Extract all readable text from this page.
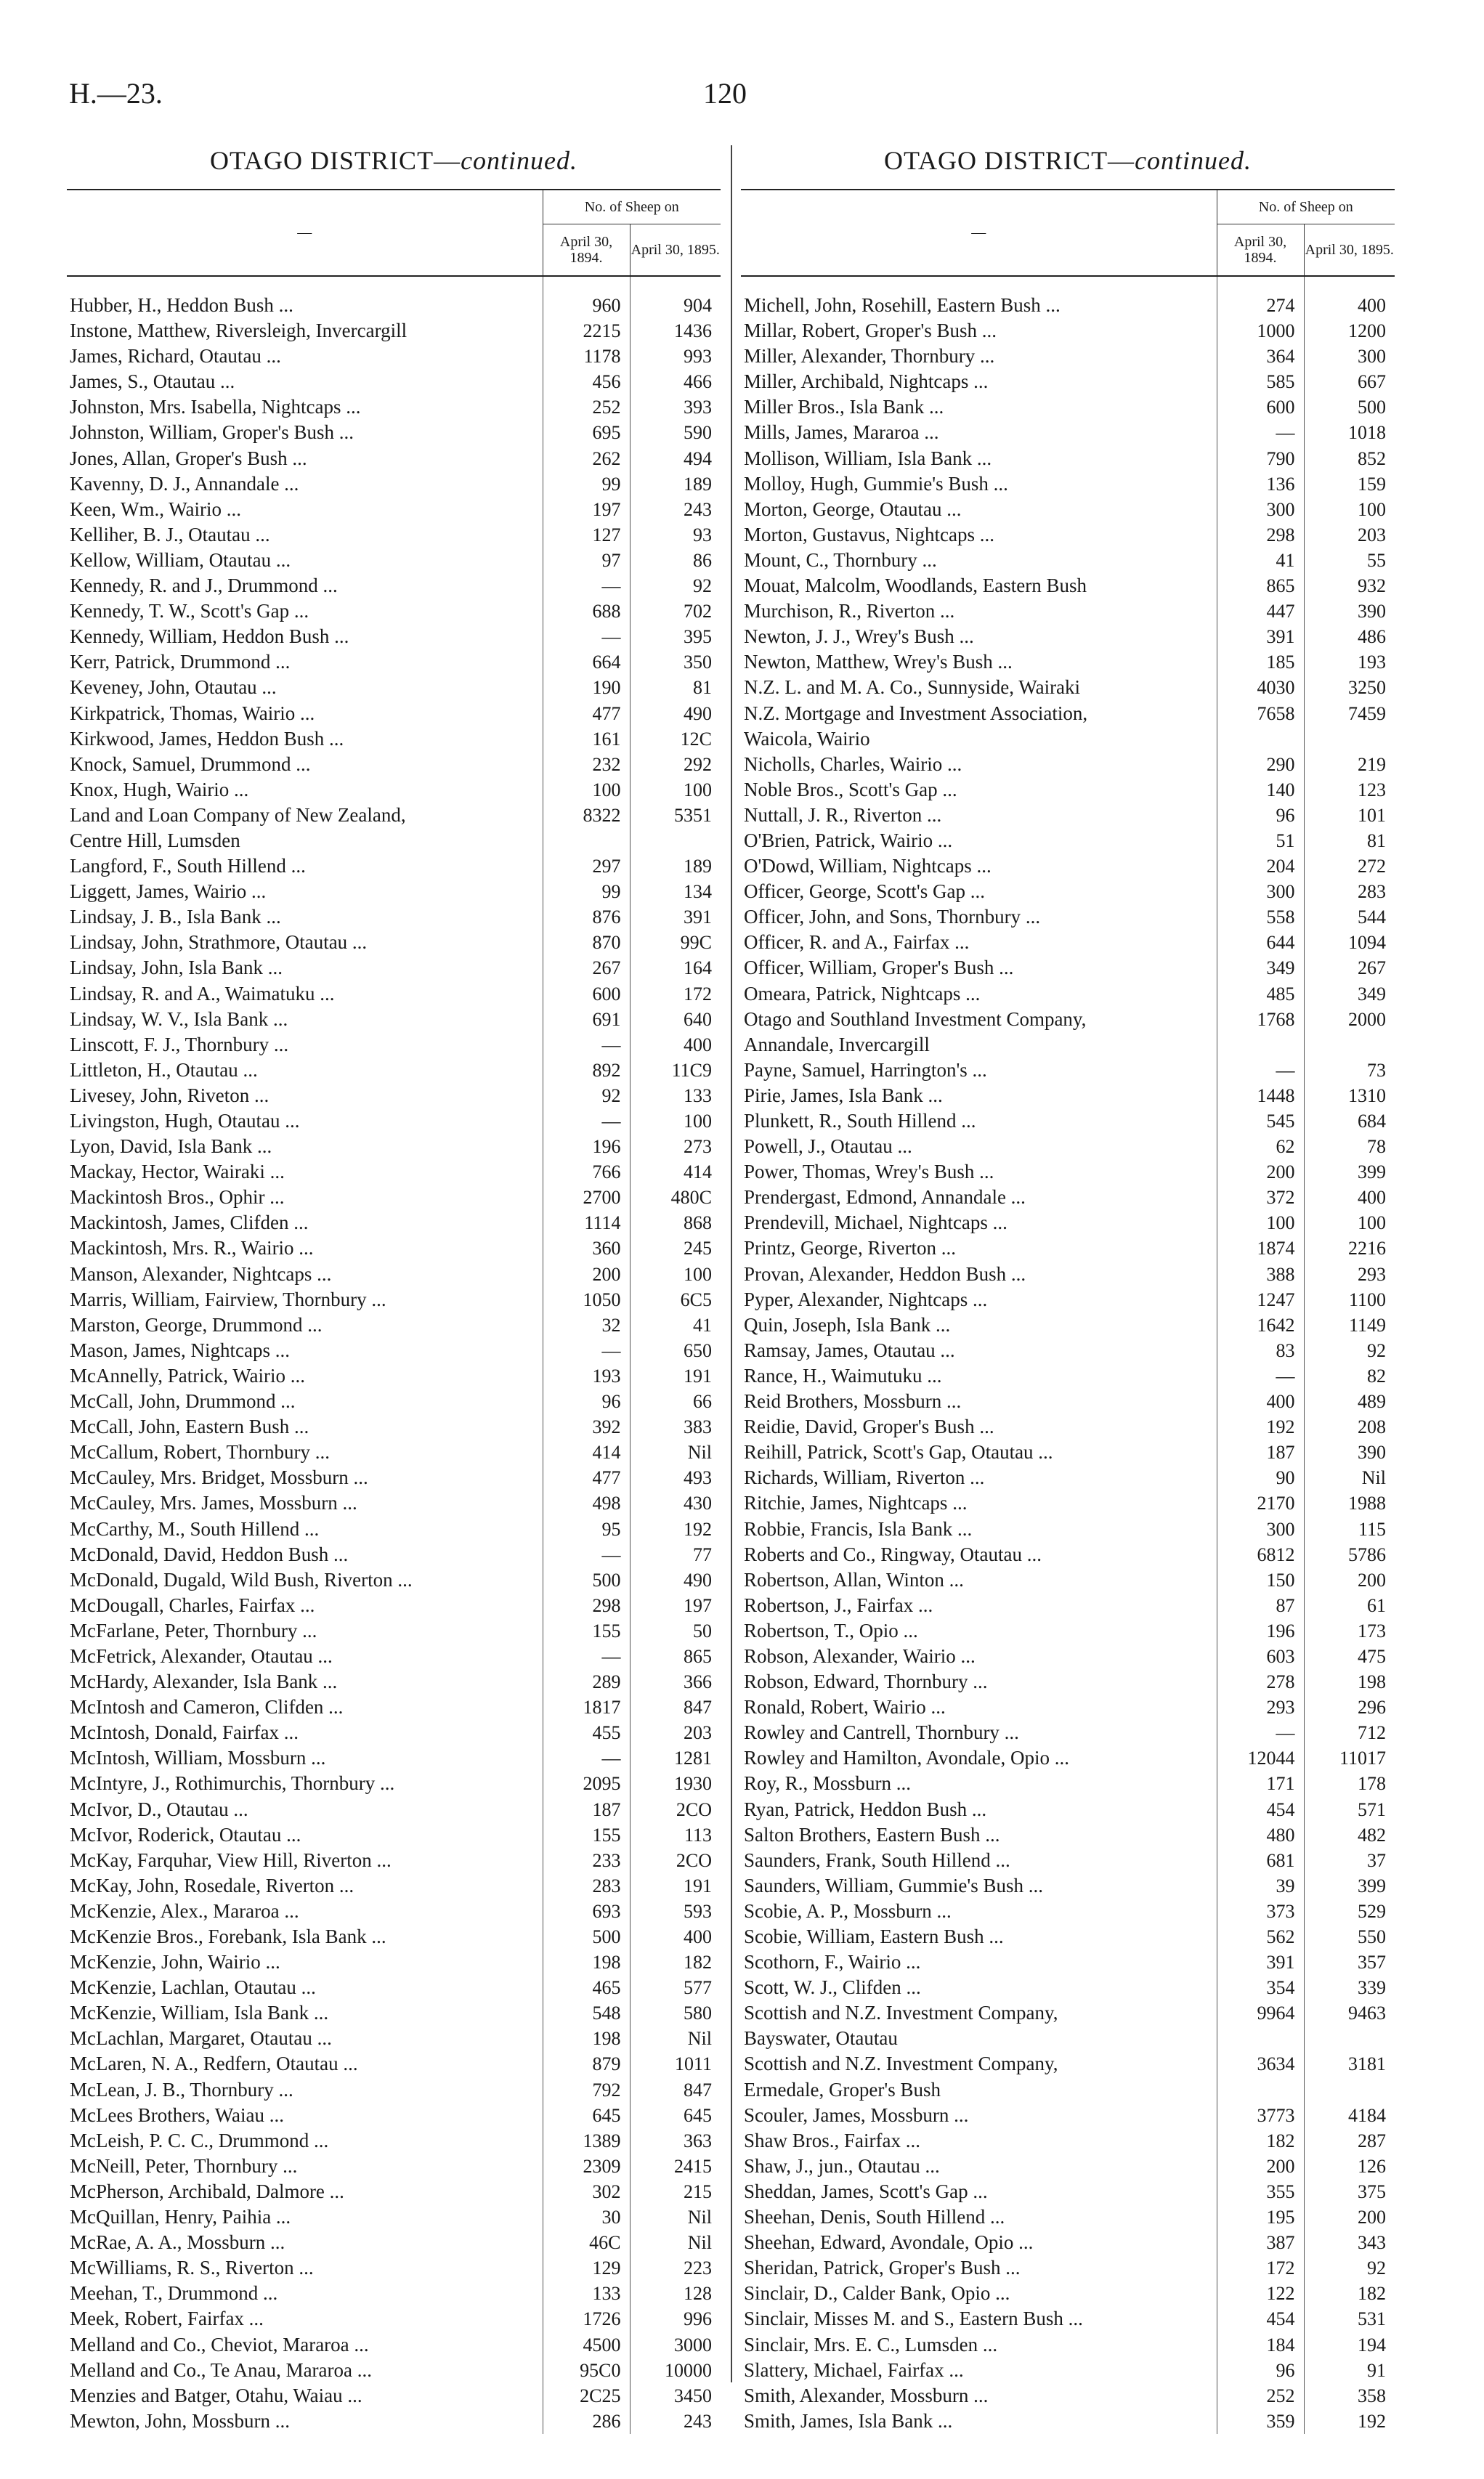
H.—23.	120
OTAGO DISTRICT—continued.
—	No. of Sheep on	
	April 30, 1894.	April 30, 1895.

Hubber, H., Heddon Bush ...	960	904
Instone, Matthew, Riversleigh, Invercargill	2215	1436
James, Richard, Otautau ...	1178	993
James, S., Otautau ...	456	466
Johnston, Mrs. Isabella, Nightcaps ...	252	393
Johnston, William, Groper's Bush ...	695	590
Jones, Allan, Groper's Bush ...	262	494
Kavenny, D. J., Annandale ...	99	189
Keen, Wm., Wairio ...	197	243
Kelliher, B. J., Otautau ...	127	93
Kellow, William, Otautau ...	97	86
Kennedy, R. and J., Drummond ...	—	92
Kennedy, T. W., Scott's Gap ...	688	702
Kennedy, William, Heddon Bush ...	—	395
Kerr, Patrick, Drummond ...	664	350
Keveney, John, Otautau ...	190	81
Kirkpatrick, Thomas, Wairio ...	477	490
Kirkwood, James, Heddon Bush ...	161	12C
Knock, Samuel, Drummond ...	232	292
Knox, Hugh, Wairio ...	100	100
Land and Loan Company of New Zealand,	8322	5351
Centre Hill, Lumsden		
Langford, F., South Hillend ...	297	189
Liggett, James, Wairio ...	99	134
Lindsay, J. B., Isla Bank ...	876	391
Lindsay, John, Strathmore, Otautau ...	870	99C
Lindsay, John, Isla Bank ...	267	164
Lindsay, R. and A., Waimatuku ...	600	172
Lindsay, W. V., Isla Bank ...	691	640
Linscott, F. J., Thornbury ...	—	400
Littleton, H., Otautau ...	892	11C9
Livesey, John, Riveton ...	92	133
Livingston, Hugh, Otautau ...	—	100
Lyon, David, Isla Bank ...	196	273
Mackay, Hector, Wairaki ...	766	414
Mackintosh Bros., Ophir ...	2700	480C
Mackintosh, James, Clifden ...	1114	868
Mackintosh, Mrs. R., Wairio ...	360	245
Manson, Alexander, Nightcaps ...	200	100
Marris, William, Fairview, Thornbury ...	1050	6C5
Marston, George, Drummond ...	32	41
Mason, James, Nightcaps ...	—	650
McAnnelly, Patrick, Wairio ...	193	191
McCall, John, Drummond ...	96	66
McCall, John, Eastern Bush ...	392	383
McCallum, Robert, Thornbury ...	414	Nil
McCauley, Mrs. Bridget, Mossburn ...	477	493
McCauley, Mrs. James, Mossburn ...	498	430
McCarthy, M., South Hillend ...	95	192
McDonald, David, Heddon Bush ...	—	77
McDonald, Dugald, Wild Bush, Riverton ...	500	490
McDougall, Charles, Fairfax ...	298	197
McFarlane, Peter, Thornbury ...	155	50
McFetrick, Alexander, Otautau ...	—	865
McHardy, Alexander, Isla Bank ...	289	366
McIntosh and Cameron, Clifden ...	1817	847
McIntosh, Donald, Fairfax ...	455	203
McIntosh, William, Mossburn ...	—	1281
McIntyre, J., Rothimurchis, Thornbury ...	2095	1930
McIvor, D., Otautau ...	187	2CO
McIvor, Roderick, Otautau ...	155	113
McKay, Farquhar, View Hill, Riverton ...	233	2CO
McKay, John, Rosedale, Riverton ...	283	191
McKenzie, Alex., Mararoa ...	693	593
McKenzie Bros., Forebank, Isla Bank ...	500	400
McKenzie, John, Wairio ...	198	182
McKenzie, Lachlan, Otautau ...	465	577
McKenzie, William, Isla Bank ...	548	580
McLachlan, Margaret, Otautau ...	198	Nil
McLaren, N. A., Redfern, Otautau ...	879	1011
McLean, J. B., Thornbury ...	792	847
McLees Brothers, Waiau ...	645	645
McLeish, P. C. C., Drummond ...	1389	363
McNeill, Peter, Thornbury ...	2309	2415
McPherson, Archibald, Dalmore ...	302	215
McQuillan, Henry, Paihia ...	30	Nil
McRae, A. A., Mossburn ...	46C	Nil
McWilliams, R. S., Riverton ...	129	223
Meehan, T., Drummond ...	133	128
Meek, Robert, Fairfax ...	1726	996
Melland and Co., Cheviot, Mararoa ...	4500	3000
Melland and Co., Te Anau, Mararoa ...	95C0	10000
Menzies and Batger, Otahu, Waiau ...	2C25	3450
Mewton, John, Mossburn ...	286	243
OTAGO DISTRICT—continued.
—	No. of Sheep on	
	April 30, 1894.	April 30, 1895.

Michell, John, Rosehill, Eastern Bush ...	274	400
Millar, Robert, Groper's Bush ...	1000	1200
Miller, Alexander, Thornbury ...	364	300
Miller, Archibald, Nightcaps ...	585	667
Miller Bros., Isla Bank ...	600	500
Mills, James, Mararoa ...	—	1018
Mollison, William, Isla Bank ...	790	852
Molloy, Hugh, Gummie's Bush ...	136	159
Morton, George, Otautau ...	300	100
Morton, Gustavus, Nightcaps ...	298	203
Mount, C., Thornbury ...	41	55
Mouat, Malcolm, Woodlands, Eastern Bush	865	932
Murchison, R., Riverton ...	447	390
Newton, J. J., Wrey's Bush ...	391	486
Newton, Matthew, Wrey's Bush ...	185	193
N.Z. L. and M. A. Co., Sunnyside, Wairaki	4030	3250
N.Z. Mortgage and Investment Association,	7658	7459
Waicola, Wairio		
Nicholls, Charles, Wairio ...	290	219
Noble Bros., Scott's Gap ...	140	123
Nuttall, J. R., Riverton ...	96	101
O'Brien, Patrick, Wairio ...	51	81
O'Dowd, William, Nightcaps ...	204	272
Officer, George, Scott's Gap ...	300	283
Officer, John, and Sons, Thornbury ...	558	544
Officer, R. and A., Fairfax ...	644	1094
Officer, William, Groper's Bush ...	349	267
Omeara, Patrick, Nightcaps ...	485	349
Otago and Southland Investment Company,	1768	2000
Annandale, Invercargill		
Payne, Samuel, Harrington's ...	—	73
Pirie, James, Isla Bank ...	1448	1310
Plunkett, R., South Hillend ...	545	684
Powell, J., Otautau ...	62	78
Power, Thomas, Wrey's Bush ...	200	399
Prendergast, Edmond, Annandale ...	372	400
Prendevill, Michael, Nightcaps ...	100	100
Printz, George, Riverton ...	1874	2216
Provan, Alexander, Heddon Bush ...	388	293
Pyper, Alexander, Nightcaps ...	1247	1100
Quin, Joseph, Isla Bank ...	1642	1149
Ramsay, James, Otautau ...	83	92
Rance, H., Waimutuku ...	—	82
Reid Brothers, Mossburn ...	400	489
Reidie, David, Groper's Bush ...	192	208
Reihill, Patrick, Scott's Gap, Otautau ...	187	390
Richards, William, Riverton ...	90	Nil
Ritchie, James, Nightcaps ...	2170	1988
Robbie, Francis, Isla Bank ...	300	115
Roberts and Co., Ringway, Otautau ...	6812	5786
Robertson, Allan, Winton ...	150	200
Robertson, J., Fairfax ...	87	61
Robertson, T., Opio ...	196	173
Robson, Alexander, Wairio ...	603	475
Robson, Edward, Thornbury ...	278	198
Ronald, Robert, Wairio ...	293	296
Rowley and Cantrell, Thornbury ...	—	712
Rowley and Hamilton, Avondale, Opio ...	12044	11017
Roy, R., Mossburn ...	171	178
Ryan, Patrick, Heddon Bush ...	454	571
Salton Brothers, Eastern Bush ...	480	482
Saunders, Frank, South Hillend ...	681	37
Saunders, William, Gummie's Bush ...	39	399
Scobie, A. P., Mossburn ...	373	529
Scobie, William, Eastern Bush ...	562	550
Scothorn, F., Wairio ...	391	357
Scott, W. J., Clifden ...	354	339
Scottish and N.Z. Investment Company,	9964	9463
Bayswater, Otautau		
Scottish and N.Z. Investment Company,	3634	3181
Ermedale, Groper's Bush		
Scouler, James, Mossburn ...	3773	4184
Shaw Bros., Fairfax ...	182	287
Shaw, J., jun., Otautau ...	200	126
Sheddan, James, Scott's Gap ...	355	375
Sheehan, Denis, South Hillend ...	195	200
Sheehan, Edward, Avondale, Opio ...	387	343
Sheridan, Patrick, Groper's Bush ...	172	92
Sinclair, D., Calder Bank, Opio ...	122	182
Sinclair, Misses M. and S., Eastern Bush ...	454	531
Sinclair, Mrs. E. C., Lumsden ...	184	194
Slattery, Michael, Fairfax ...	96	91
Smith, Alexander, Mossburn ...	252	358
Smith, James, Isla Bank ...	359	192
